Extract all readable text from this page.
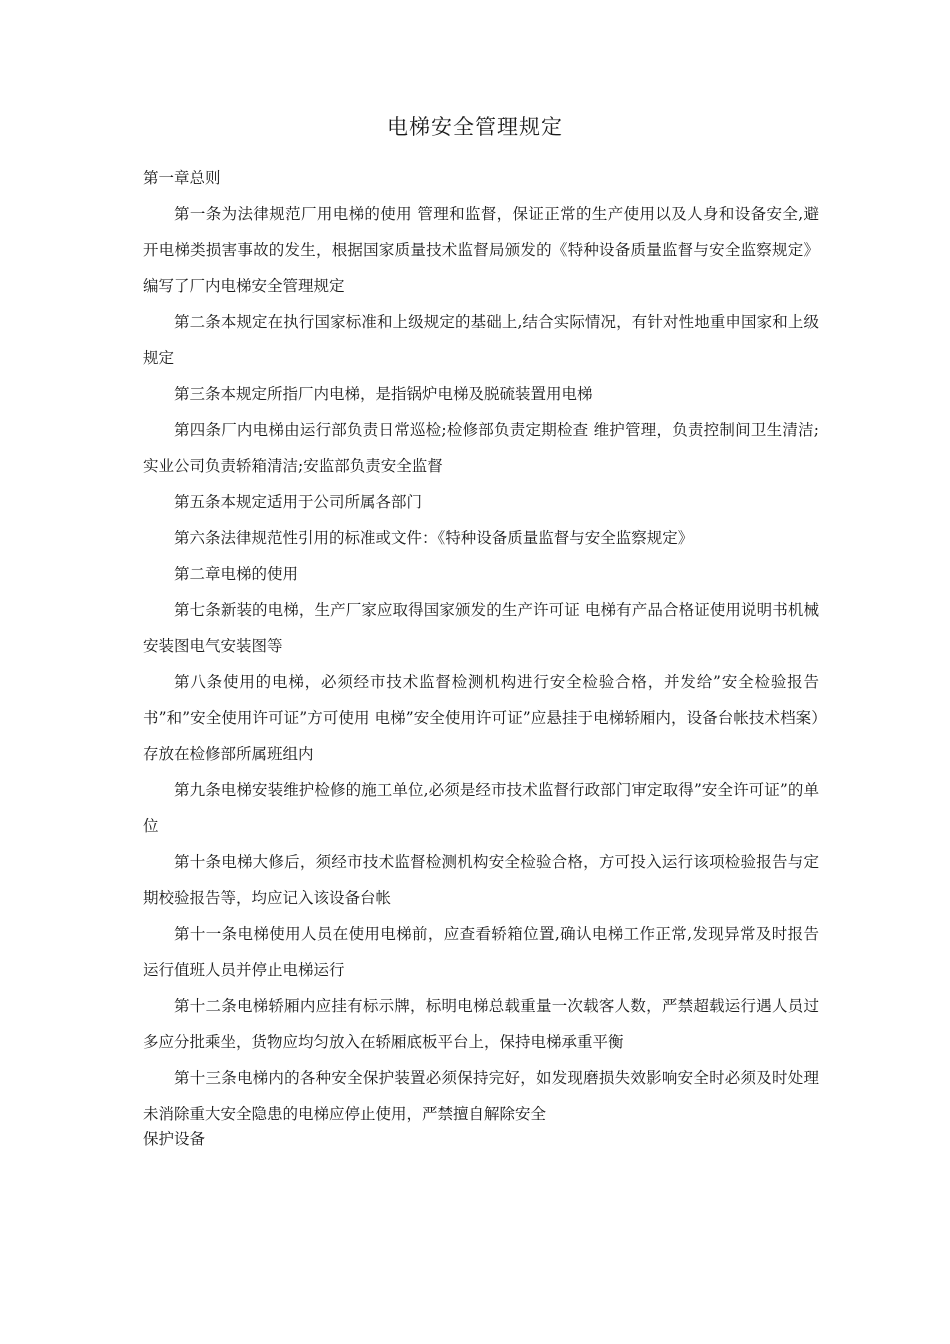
电梯安全管理规定

第一章总则

第一条为法律规范厂用电梯的使用 管理和监督，保证正常的生产使用以及人身和设备安全,避开电梯类损害事故的发生，根据国家质量技术监督局颁发的《特种设备质量监督与安全监察规定》编写了厂内电梯安全管理规定

第二条本规定在执行国家标准和上级规定的基础上,结合实际情况，有针对性地重申国家和上级规定

第三条本规定所指厂内电梯，是指锅炉电梯及脱硫装置用电梯

第四条厂内电梯由运行部负责日常巡检;检修部负责定期检查 维护管理，负责控制间卫生清洁;实业公司负责轿箱清洁;安监部负责安全监督

第五条本规定适用于公司所属各部门

第六条法律规范性引用的标准或文件：《特种设备质量监督与安全监察规定》

第二章电梯的使用

第七条新装的电梯，生产厂家应取得国家颁发的生产许可证 电梯有产品合格证使用说明书机械安装图电气安装图等

第八条使用的电梯，必须经市技术监督检测机构进行安全检验合格，并发给”安全检验报告书”和”安全使用许可证”方可使用 电梯”安全使用许可证”应悬挂于电梯轿厢内，设备台帐技术档案）存放在检修部所属班组内

第九条电梯安装维护检修的施工单位,必须是经市技术监督行政部门审定取得”安全许可证”的单位

第十条电梯大修后，须经市技术监督检测机构安全检验合格，方可投入运行该项检验报告与定期校验报告等，均应记入该设备台帐

第十一条电梯使用人员在使用电梯前，应查看轿箱位置,确认电梯工作正常,发现异常及时报告运行值班人员并停止电梯运行

第十二条电梯轿厢内应挂有标示牌，标明电梯总载重量一次载客人数，严禁超载运行遇人员过多应分批乘坐，货物应均匀放入在轿厢底板平台上，保持电梯承重平衡

第十三条电梯内的各种安全保护装置必须保持完好，如发现磨损失效影响安全时必须及时处理 未消除重大安全隐患的电梯应停止使用，严禁擅自解除安全

保护设备
